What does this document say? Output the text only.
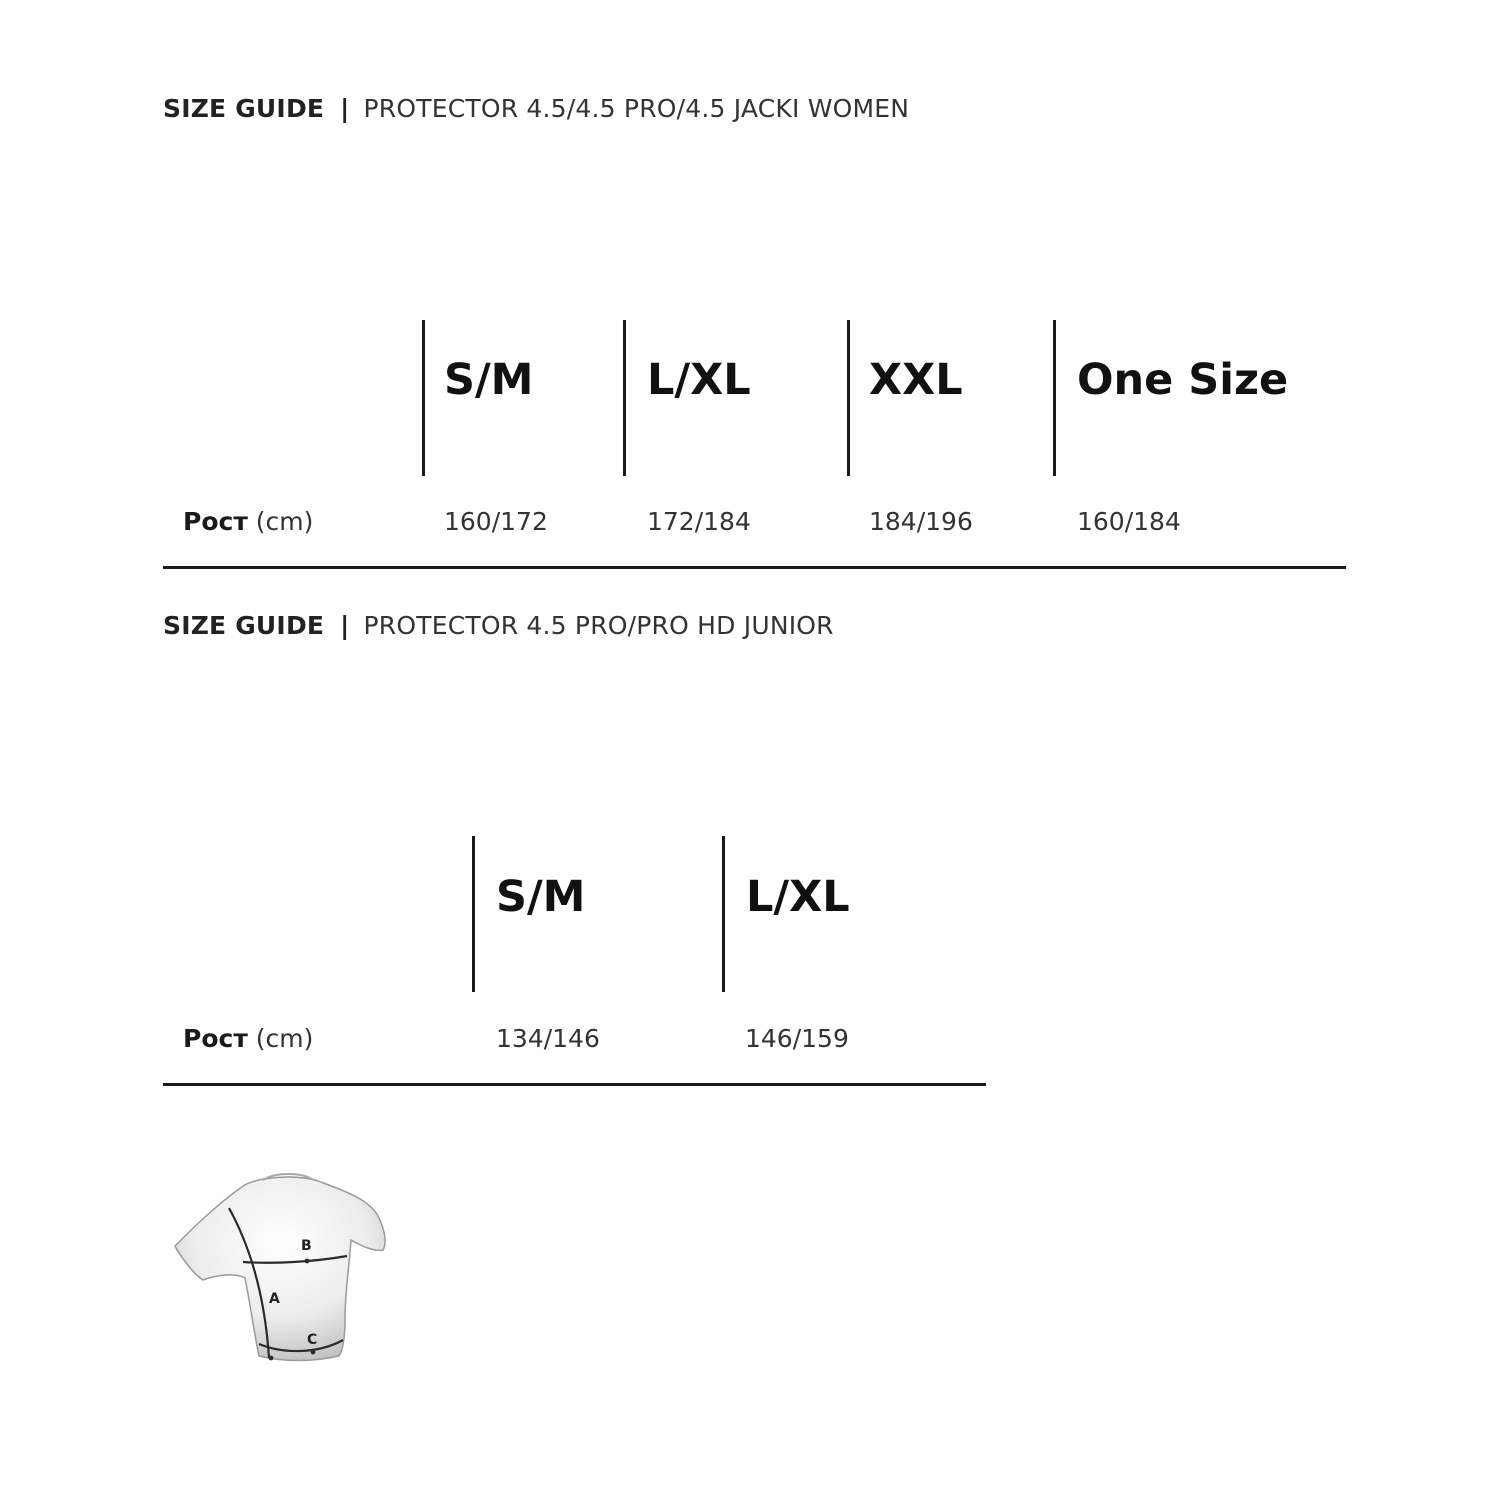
SIZE GUIDE | PROTECTOR 4.5/4.5 PRO/4.5 JACKI WOMEN
S/M	L/XL	XXL	One Size
Рост (cm)	160/172	172/184	184/196	160/184
SIZE GUIDE | PROTECTOR 4.5 PRO/PRO HD JUNIOR
S/M	L/XL
Рост (cm)	134/146	146/159
A
B
C
